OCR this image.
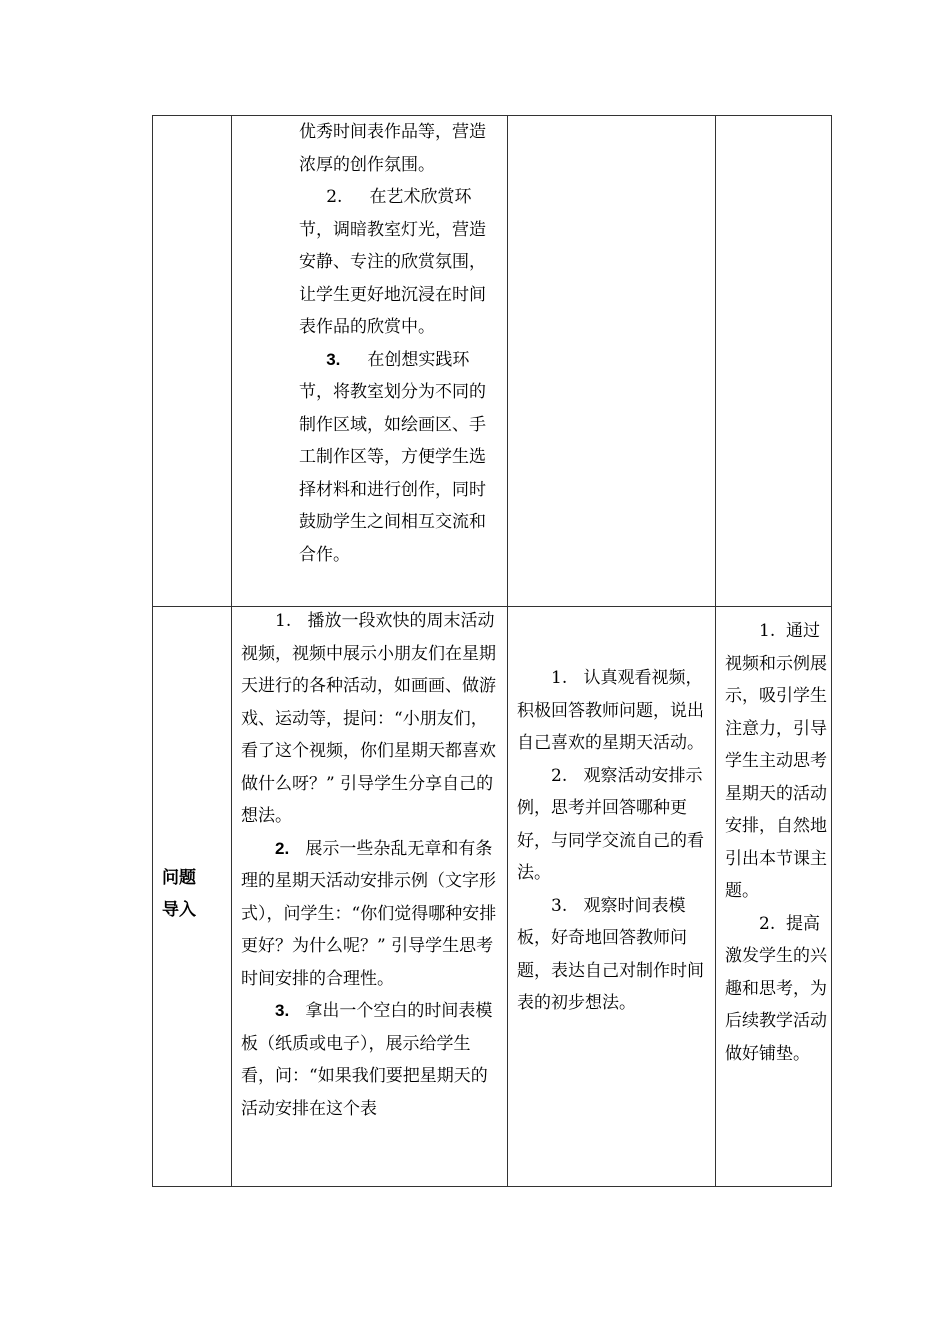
优秀时间表作品等，营造浓厚的创作氛围。

2. 在艺术欣赏环节，调暗教室灯光，营造安静、专注的欣赏氛围，让学生更好地沉浸在时间表作品的欣赏中。

3. 在创想实践环节，将教室划分为不同的制作区域，如绘画区、手工制作区等，方便学生选择材料和进行创作，同时鼓励学生之间相互交流和合作。

问题
导入

1. 播放一段欢快的周末活动视频，视频中展示小朋友们在星期天进行的各种活动，如画画、做游戏、运动等，提问：“小朋友们，看了这个视频，你们星期天都喜欢做什么呀？” 引导学生分享自己的想法。

2. 展示一些杂乱无章和有条理的星期天活动安排示例（文字形式），问学生：“你们觉得哪种安排更好？为什么呢？” 引导学生思考时间安排的合理性。

3. 拿出一个空白的时间表模板（纸质或电子），展示给学生看，问：“如果我们要把星期天的活动安排在这个表

1. 认真观看视频，积极回答教师问题，说出自己喜欢的星期天活动。

2. 观察活动安排示例，思考并回答哪种更好，与同学交流自己的看法。

3. 观察时间表模板，好奇地回答教师问题，表达自己对制作时间表的初步想法。

1. 通过视频和示例展示，吸引学生注意力，引导学生主动思考星期天的活动安排，自然地引出本节课主题。

2. 提高激发学生的兴趣和思考，为后续教学活动做好铺垫。
